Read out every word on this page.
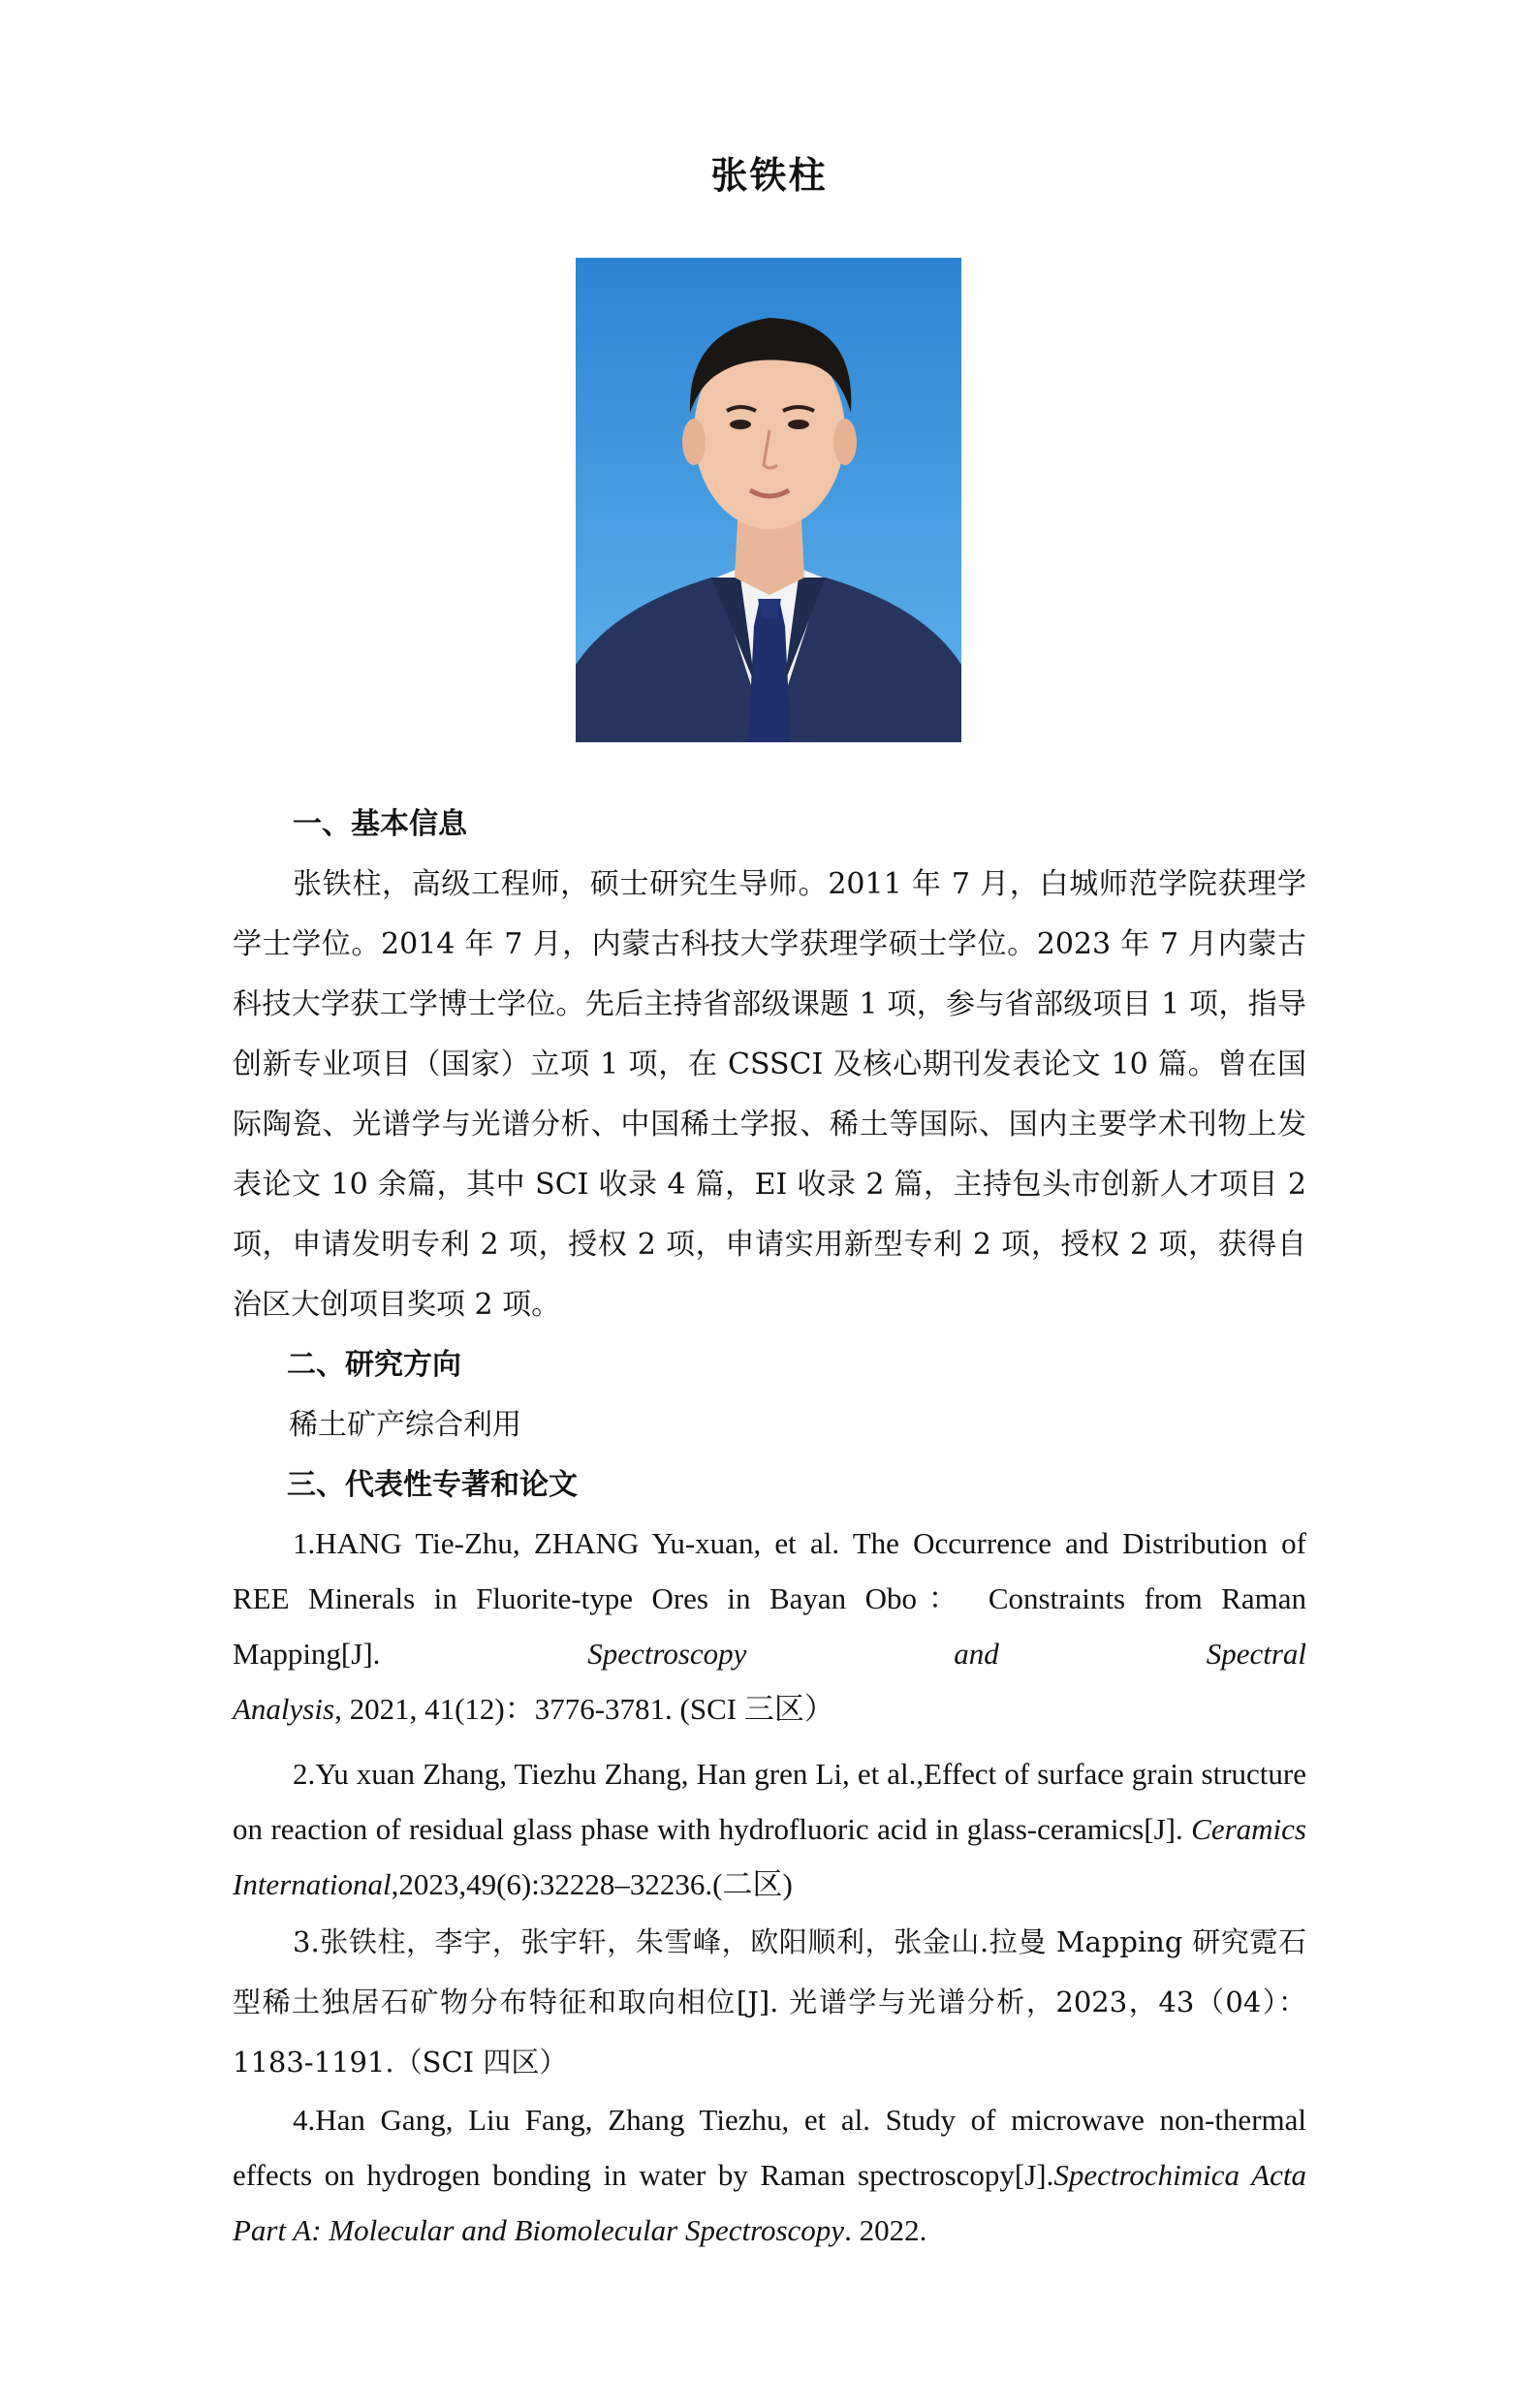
张铁柱
一、基本信息

张铁柱，高级工程师，硕士研究生导师。2011 年 7 月，白城师范学院获理学学士学位。2014 年 7 月，内蒙古科技大学获理学硕士学位。2023 年 7 月内蒙古科技大学获工学博士学位。先后主持省部级课题 1 项，参与省部级项目 1 项，指导创新专业项目（国家）立项 1 项，在 CSSCI 及核心期刊发表论文 10 篇。曾在国际陶瓷、光谱学与光谱分析、中国稀土学报、稀土等国际、国内主要学术刊物上发表论文 10 余篇，其中 SCI 收录 4 篇，EI 收录 2 篇，主持包头市创新人才项目 2 项，申请发明专利 2 项，授权 2 项，申请实用新型专利 2 项，授权 2 项，获得自治区大创项目奖项 2 项。

二、研究方向

稀土矿产综合利用

三、代表性专著和论文

1.HANG Tie-Zhu, ZHANG Yu-xuan, et al. The Occurrence and Distribution of REE Minerals in Fluorite-type Ores in Bayan Obo： Constraints from Raman Mapping[J]. Spectroscopy and Spectral Analysis, 2021, 41(12)：3776-3781. (SCI 三区）

2.Yu xuan Zhang, Tiezhu Zhang, Han gren Li, et al.,Effect of surface grain structure on reaction of residual glass phase with hydrofluoric acid in glass-ceramics[J]. Ceramics International,2023,49(6):32228–32236.(二区)

3.张铁柱，李宇，张宇轩，朱雪峰，欧阳顺利，张金山.拉曼 Mapping 研究霓石型稀土独居石矿物分布特征和取向相位[J]. 光谱学与光谱分析，2023，43（04）：1183-1191.（SCI 四区）

4.Han Gang, Liu Fang, Zhang Tiezhu, et al. Study of microwave non-thermal effects on hydrogen bonding in water by Raman spectroscopy[J].Spectrochimica Acta Part A: Molecular and Biomolecular Spectroscopy. 2022.
